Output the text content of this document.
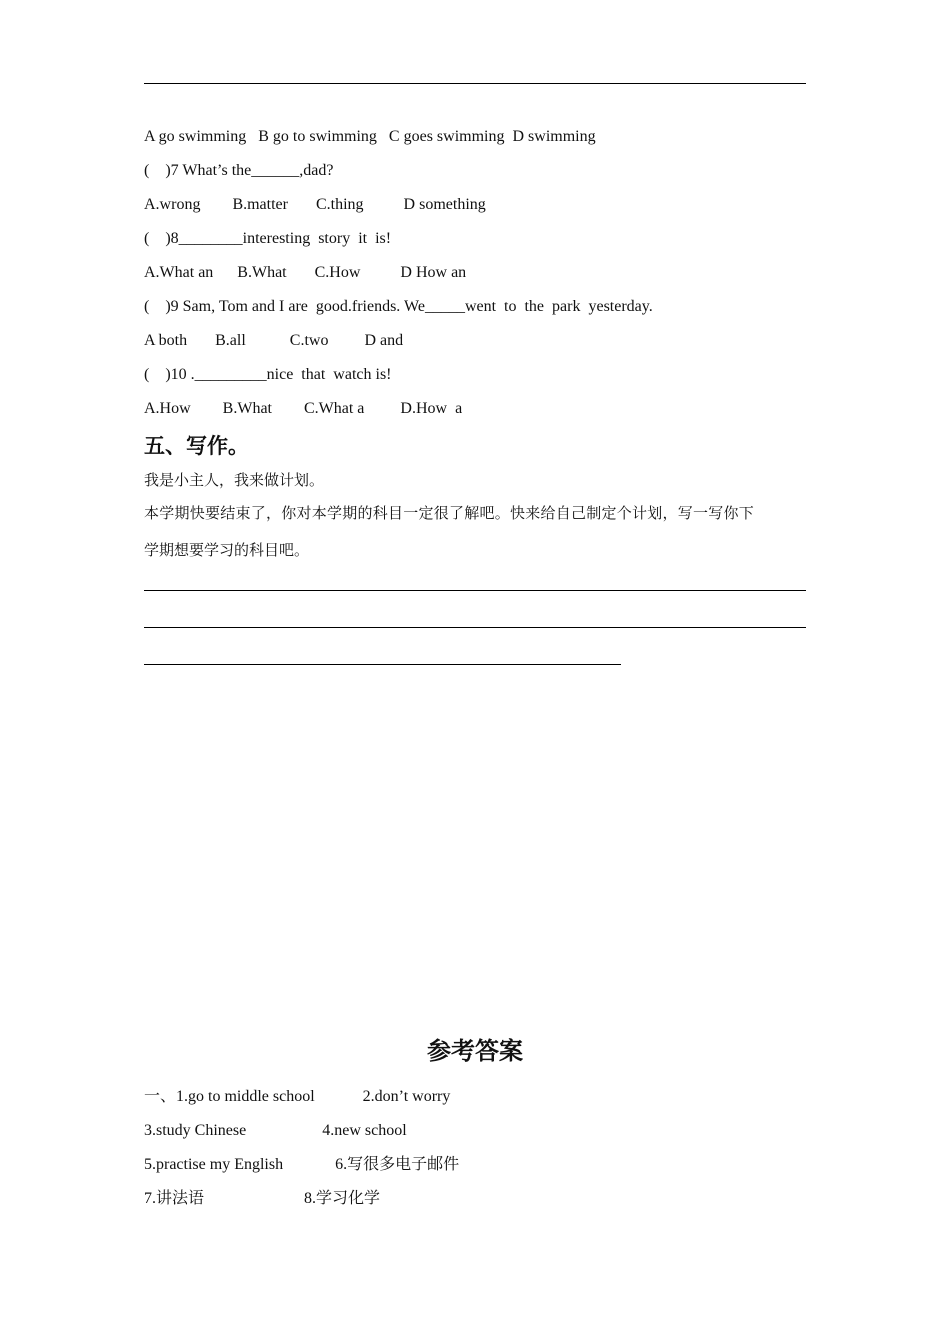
A go swimming   B go to swimming   C goes swimming  D swimming
(    )7 What’s the______,dad?
A.wrong        B.matter       C.thing          D something
(    )8________interesting  story  it  is!
A.What an      B.What       C.How          D How an
(    )9 Sam, Tom and I are  good.friends. We_____went  to  the  park  yesterday.
A both       B.all           C.two         D and
(    )10 ._________nice  that  watch is!
A.How        B.What        C.What a         D.How  a
五、写作。
我是小主人，我来做计划。
本学期快要结束了，你对本学期的科目一定很了解吧。快来给自己制定个计划，写一写你下
学期想要学习的科目吧。
参考答案
一、1.go to middle school            2.don’t worry
3.study Chinese                   4.new school
5.practise my English             6.写很多电子邮件
7.讲法语                         8.学习化学
